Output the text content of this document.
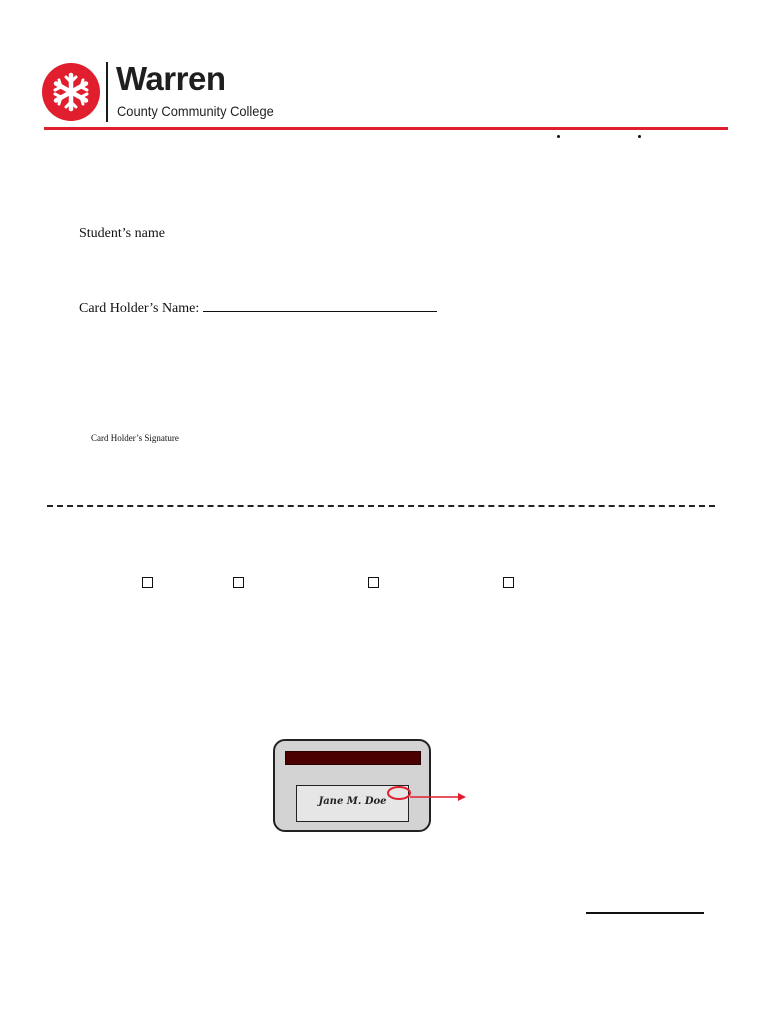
Warren
County Community College
Student’s name
Card Holder’s Name:
Card Holder’s Signature
Jane M. Doe
